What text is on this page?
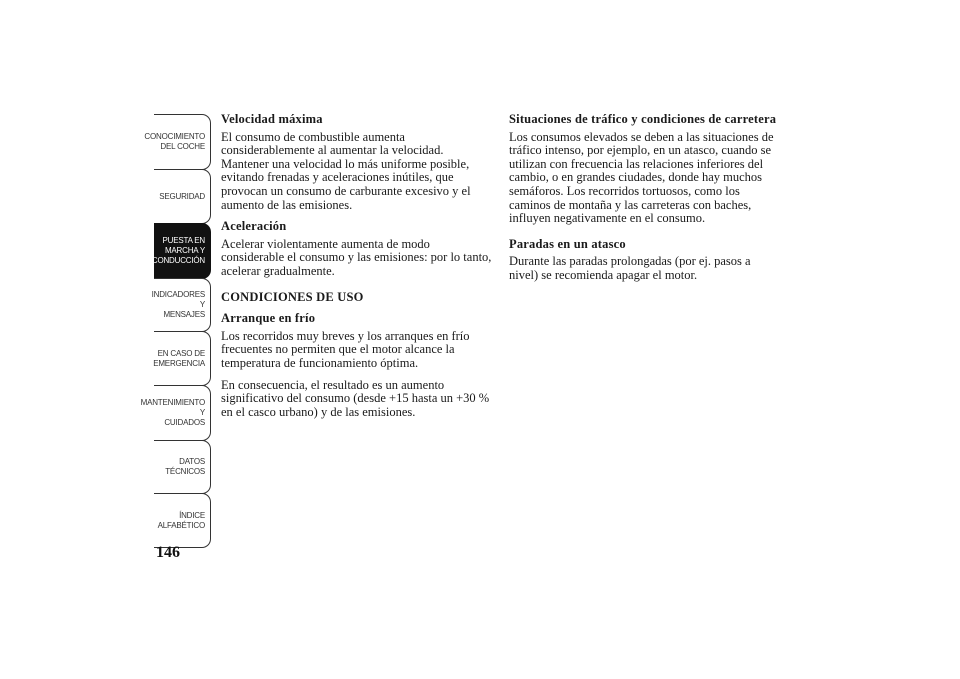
CONOCIMIENTO
DEL COCHE
SEGURIDAD
PUESTA EN
MARCHA Y
CONDUCCIÓN
INDICADORES Y
MENSAJES
EN CASO DE
EMERGENCIA
MANTENIMIENTO Y
CUIDADOS
DATOS TÉCNICOS
ÍNDICE
ALFABÉTICO
146
Velocidad máxima

El consumo de combustible aumenta considerablemente al aumentar la velocidad. Mantener una velocidad lo más uniforme posible, evitando frenadas y aceleraciones inútiles, que provocan un consumo de carburante excesivo y el aumento de las emisiones.

Aceleración

Acelerar violentamente aumenta de modo considerable el consumo y las emisiones: por lo tanto, acelerar gradualmente.

CONDICIONES DE USO
Arranque en frío

Los recorridos muy breves y los arranques en frío frecuentes no permiten que el motor alcance la temperatura de funcionamiento óptima.

En consecuencia, el resultado es un aumento significativo del consumo (desde +15 hasta un +30 % en el casco urbano) y de las emisiones.

Situaciones de tráfico y condiciones de carretera

Los consumos elevados se deben a las situaciones de tráfico intenso, por ejemplo, en un atasco, cuando se utilizan con frecuencia las relaciones inferiores del cambio, o en grandes ciudades, donde hay muchos semáforos. Los recorridos tortuosos, como los caminos de montaña y las carreteras con baches, influyen negativamente en el consumo.

Paradas en un atasco

Durante las paradas prolongadas (por ej. pasos a nivel) se recomienda apagar el motor.
